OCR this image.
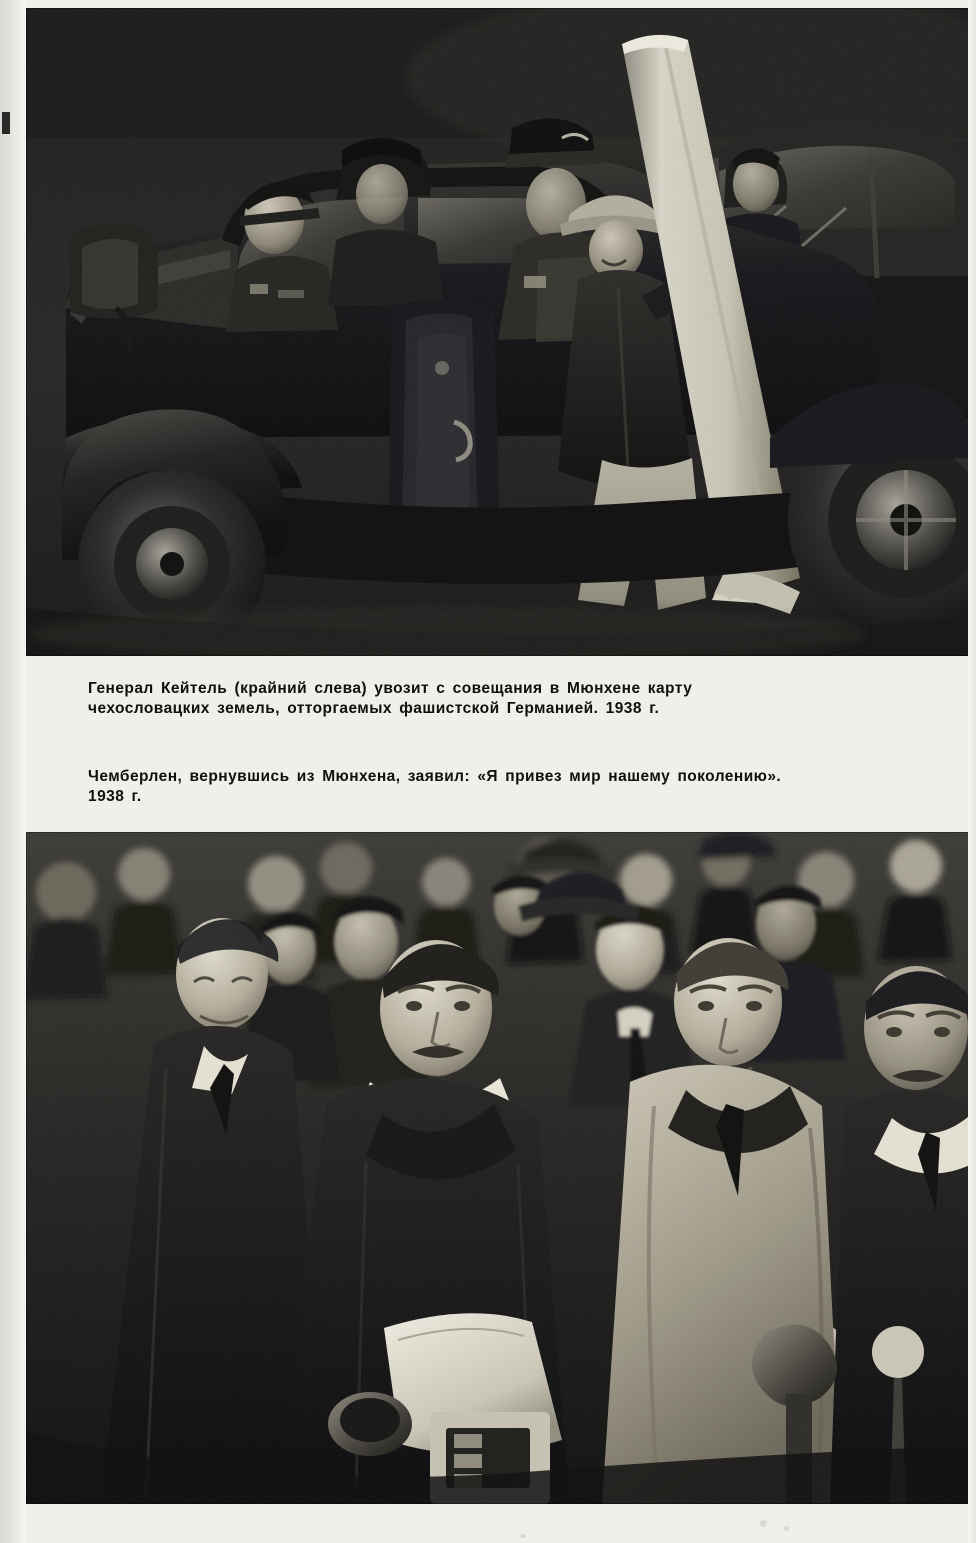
Генерал Кейтель (крайний слева) увозит с совещания в Мюнхене карту
чехословацких земель, отторгаемых фашистской Германией. 1938 г.
Чемберлен, вернувшись из Мюнхена, заявил: «Я привез мир нашему поколению».
1938 г.
